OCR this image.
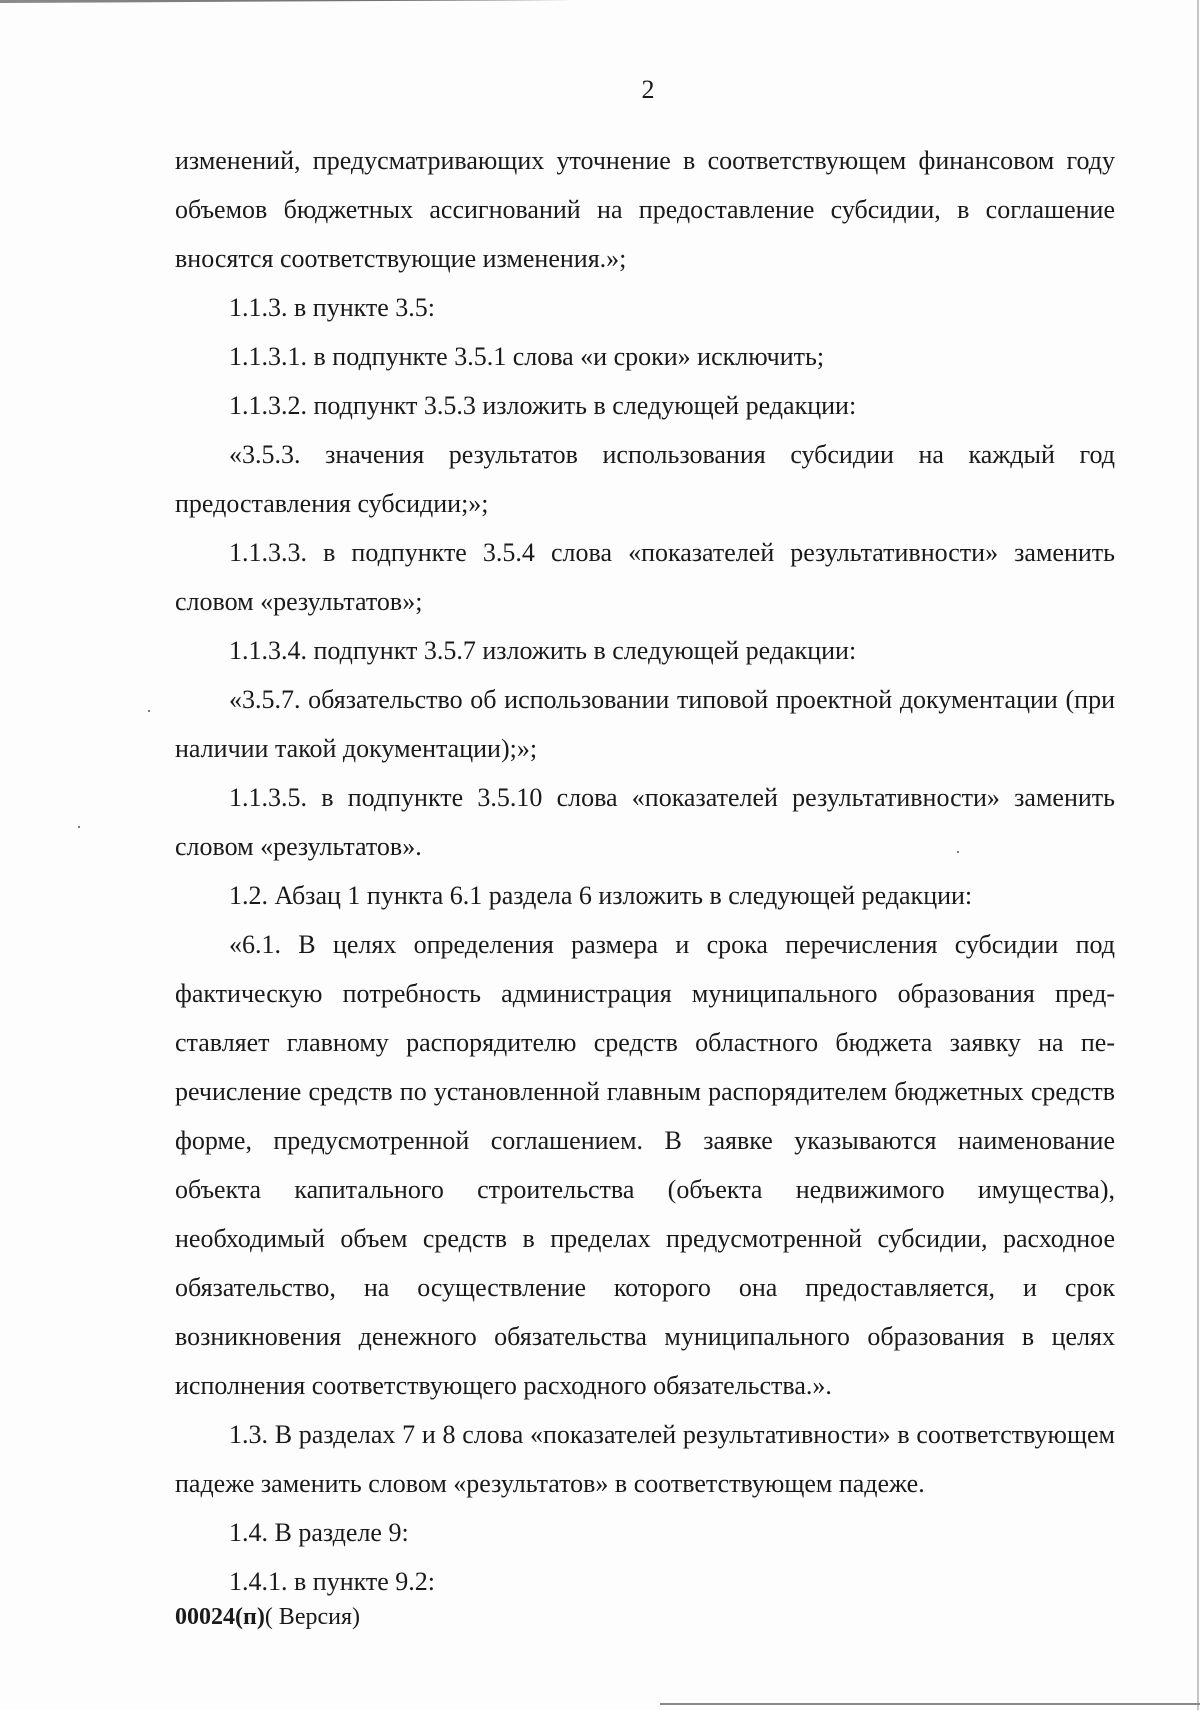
2

изменений, предусматривающих уточнение в соответствующем финансовом году объемов бюджетных ассигнований на предоставление субсидии, в соглашение вносятся соответствующие изменения.»;

1.1.3. в пункте 3.5:

1.1.3.1. в подпункте 3.5.1 слова «и сроки» исключить;

1.1.3.2. подпункт 3.5.3 изложить в следующей редакции:

«3.5.3. значения результатов использования субсидии на каждый год предоставления субсидии;»;

1.1.3.3. в подпункте 3.5.4 слова «показателей результативности» заменить словом «результатов»;

1.1.3.4. подпункт 3.5.7 изложить в следующей редакции:

«3.5.7. обязательство об использовании типовой проектной документации (при наличии такой документации);»;

1.1.3.5. в подпункте 3.5.10 слова «показателей результативности» заменить словом «результатов».

1.2. Абзац 1 пункта 6.1 раздела 6 изложить в следующей редакции:

«6.1. В целях определения размера и срока перечисления субсидии под фактическую потребность администрация муниципального образования представляет главному распорядителю средств областного бюджета заявку на перечисление средств по установленной главным распорядителем бюджетных средств форме, предусмотренной соглашением. В заявке указываются наименование объекта капитального строительства (объекта недвижимого имущества), необходимый объем средств в пределах предусмотренной субсидии, расходное обязательство, на осуществление которого она предоставляется, и срок возникновения денежного обязательства муниципального образования в целях исполнения соответствующего расходного обязательства.».

1.3. В разделах 7 и 8 слова «показателей результативности» в соответствующем падеже заменить словом «результатов» в соответствующем падеже.

1.4. В разделе 9:

1.4.1. в пункте 9.2:

00024(п)( Версия)
